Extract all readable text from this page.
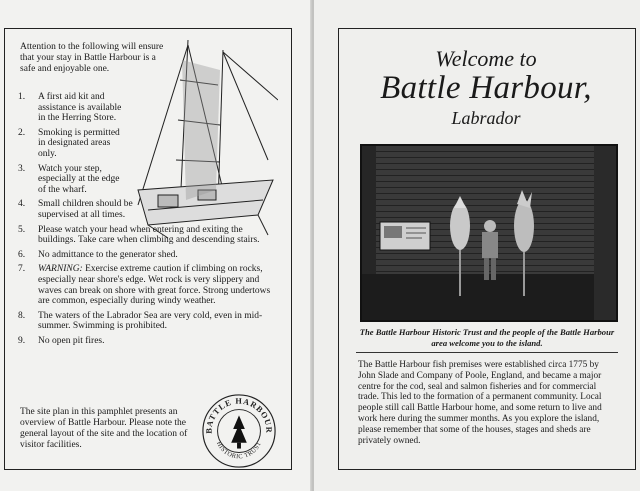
Attention to the following will ensure that your stay in Battle Harbour is a safe and enjoyable one.
1. A first aid kit and assistance is available in the Herring Store.
2. Smoking is permitted in designated areas only.
3. Watch your step, especially at the edge of the wharf.
4. Small children should be supervised at all times.
5. Please watch your head when entering and exiting the buildings. Take care when climbing and descending stairs.
6. No admittance to the generator shed.
7. WARNING: Exercise extreme caution if climbing on rocks, especially near shore's edge. Wet rock is very slippery and waves can break on shore with great force. Strong undertows are common, especially during windy weather.
8. The waters of the Labrador Sea are very cold, even in mid-summer. Swimming is prohibited.
9. No open pit fires.
The site plan in this pamphlet presents an overview of Battle Harbour. Please note the general layout of the site and the location of visitor facilities.
BATTLE HARBOUR
HISTORIC TRUST
Welcome to
Battle Harbour,
Labrador
The Battle Harbour Historic Trust and the people of the Battle Harbour area welcome you to the island.
The Battle Harbour fish premises were established circa 1775 by John Slade and Company of Poole, England, and became a major centre for the cod, seal and salmon fisheries and for commercial trade. This led to the formation of a permanent community. Local people still call Battle Harbour home, and some return to live and work here during the summer months. As you explore the island, please remember that some of the houses, stages and sheds are privately owned.
